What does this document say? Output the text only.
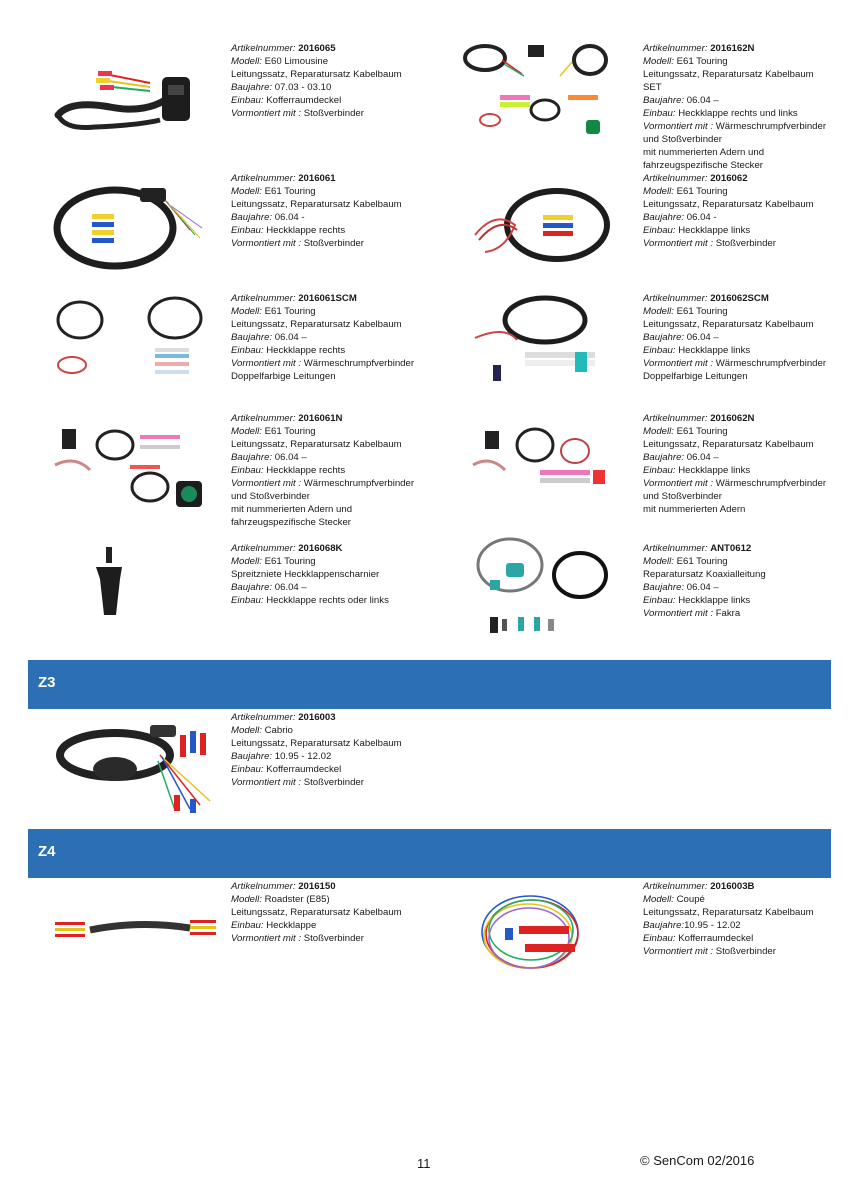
Artikelnummer: 2016065
Modell: E60 Limousine
Leitungssatz, Reparatursatz Kabelbaum
Baujahre: 07.03 - 03.10
Einbau: Kofferraumdeckel
Vormontiert mit : Stoßverbinder
Artikelnummer: 2016162N
Modell: E61 Touring
Leitungssatz, Reparatursatz Kabelbaum
SET
Baujahre: 06.04 –
Einbau: Heckklappe rechts und links
Vormontiert mit : Wärmeschrumpfverbinder
und Stoßverbinder
mit nummerierten Adern und
fahrzeugspezifische Stecker
Artikelnummer: 2016061
Modell: E61 Touring
Leitungssatz, Reparatursatz Kabelbaum
Baujahre: 06.04 -
Einbau: Heckklappe rechts
Vormontiert mit : Stoßverbinder
Artikelnummer: 2016062
Modell: E61 Touring
Leitungssatz, Reparatursatz Kabelbaum
Baujahre: 06.04 -
Einbau: Heckklappe links
Vormontiert mit : Stoßverbinder
Artikelnummer: 2016061SCM
Modell: E61 Touring
Leitungssatz, Reparatursatz Kabelbaum
Baujahre: 06.04 –
Einbau: Heckklappe rechts
Vormontiert mit : Wärmeschrumpfverbinder
Doppelfarbige Leitungen
Artikelnummer: 2016062SCM
Modell: E61 Touring
Leitungssatz, Reparatursatz Kabelbaum
Baujahre: 06.04 –
Einbau: Heckklappe links
Vormontiert mit : Wärmeschrumpfverbinder
Doppelfarbige Leitungen
Artikelnummer: 2016061N
Modell: E61 Touring
Leitungssatz, Reparatursatz Kabelbaum
Baujahre: 06.04 –
Einbau: Heckklappe rechts
Vormontiert mit : Wärmeschrumpfverbinder
und Stoßverbinder
mit nummerierten Adern und
fahrzeugspezifische Stecker
Artikelnummer: 2016062N
Modell: E61 Touring
Leitungssatz, Reparatursatz Kabelbaum
Baujahre: 06.04 –
Einbau: Heckklappe links
Vormontiert mit : Wärmeschrumpfverbinder
und Stoßverbinder
mit nummerierten Adern
Artikelnummer: 2016068K
Modell: E61 Touring
Spreitzniete Heckklappenscharnier
Baujahre: 06.04 –
Einbau: Heckklappe rechts oder links
Artikelnummer: ANT0612
Modell: E61 Touring
Reparatursatz Koaxialleitung
Baujahre: 06.04 –
Einbau: Heckklappe links
Vormontiert mit : Fakra
Z3
Artikelnummer: 2016003
Modell: Cabrio
Leitungssatz, Reparatursatz Kabelbaum
Baujahre: 10.95 - 12.02
Einbau: Kofferraumdeckel
Vormontiert mit : Stoßverbinder
Z4
Artikelnummer: 2016150
Modell: Roadster (E85)
Leitungssatz, Reparatursatz Kabelbaum
Einbau: Heckklappe
Vormontiert mit : Stoßverbinder
Artikelnummer: 2016003B
Modell: Coupé
Leitungssatz, Reparatursatz Kabelbaum
Baujahre:10.95 - 12.02
Einbau: Kofferraumdeckel
Vormontiert mit : Stoßverbinder
11	© SenCom 02/2016
